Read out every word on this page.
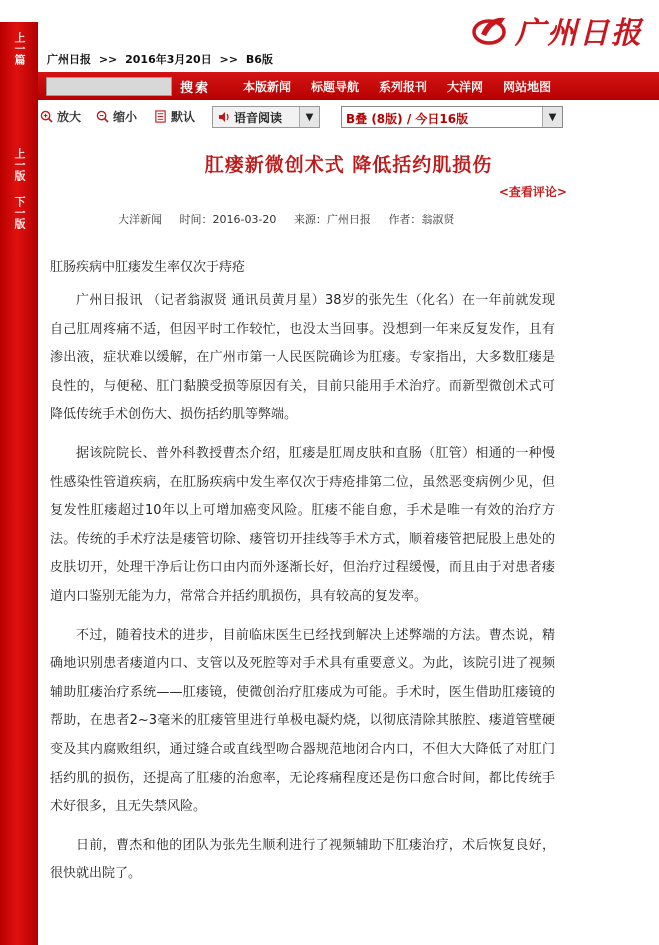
上一篇
上一版
下一版
广州日报 >> 2016年3月20日 >> B6版
广州日报
搜索	本版新闻 标题导航 系列报刊 大洋网 网站地图
放大	缩小	默认	语音阅读	▼	B叠 (8版) / 今日16版	▼
肛瘘新微创术式 降低括约肌损伤
<查看评论>
大洋新闻 时间：2016-03-20 来源：广州日报 作者：翁淑贤
肛肠疾病中肛瘘发生率仅次于痔疮

广州日报讯 （记者翁淑贤 通讯员黄月星）38岁的张先生（化名）在一年前就发现自己肛周疼痛不适，但因平时工作较忙，也没太当回事。没想到一年来反复发作，且有渗出液，症状难以缓解，在广州市第一人民医院确诊为肛瘘。专家指出，大多数肛瘘是良性的，与便秘、肛门黏膜受损等原因有关，目前只能用手术治疗。而新型微创术式可降低传统手术创伤大、损伤括约肌等弊端。

据该院院长、普外科教授曹杰介绍，肛瘘是肛周皮肤和直肠（肛管）相通的一种慢性感染性管道疾病，在肛肠疾病中发生率仅次于痔疮排第二位，虽然恶变病例少见，但复发性肛瘘超过10年以上可增加癌变风险。肛瘘不能自愈，手术是唯一有效的治疗方法。传统的手术疗法是瘘管切除、瘘管切开挂线等手术方式，顺着瘘管把屁股上患处的皮肤切开，处理干净后让伤口由内而外逐渐长好，但治疗过程缓慢，而且由于对患者瘘道内口鉴别无能为力，常常合并括约肌损伤，具有较高的复发率。

不过，随着技术的进步，目前临床医生已经找到解决上述弊端的方法。曹杰说，精确地识别患者瘘道内口、支管以及死腔等对手术具有重要意义。为此，该院引进了视频辅助肛瘘治疗系统——肛瘘镜，使微创治疗肛瘘成为可能。手术时，医生借助肛瘘镜的帮助，在患者2~3毫米的肛瘘管里进行单极电凝灼烧，以彻底清除其脓腔、瘘道管壁硬变及其内腐败组织，通过缝合或直线型吻合器规范地闭合内口，不但大大降低了对肛门括约肌的损伤，还提高了肛瘘的治愈率，无论疼痛程度还是伤口愈合时间，都比传统手术好很多，且无失禁风险。

日前，曹杰和他的团队为张先生顺利进行了视频辅助下肛瘘治疗，术后恢复良好，很快就出院了。
